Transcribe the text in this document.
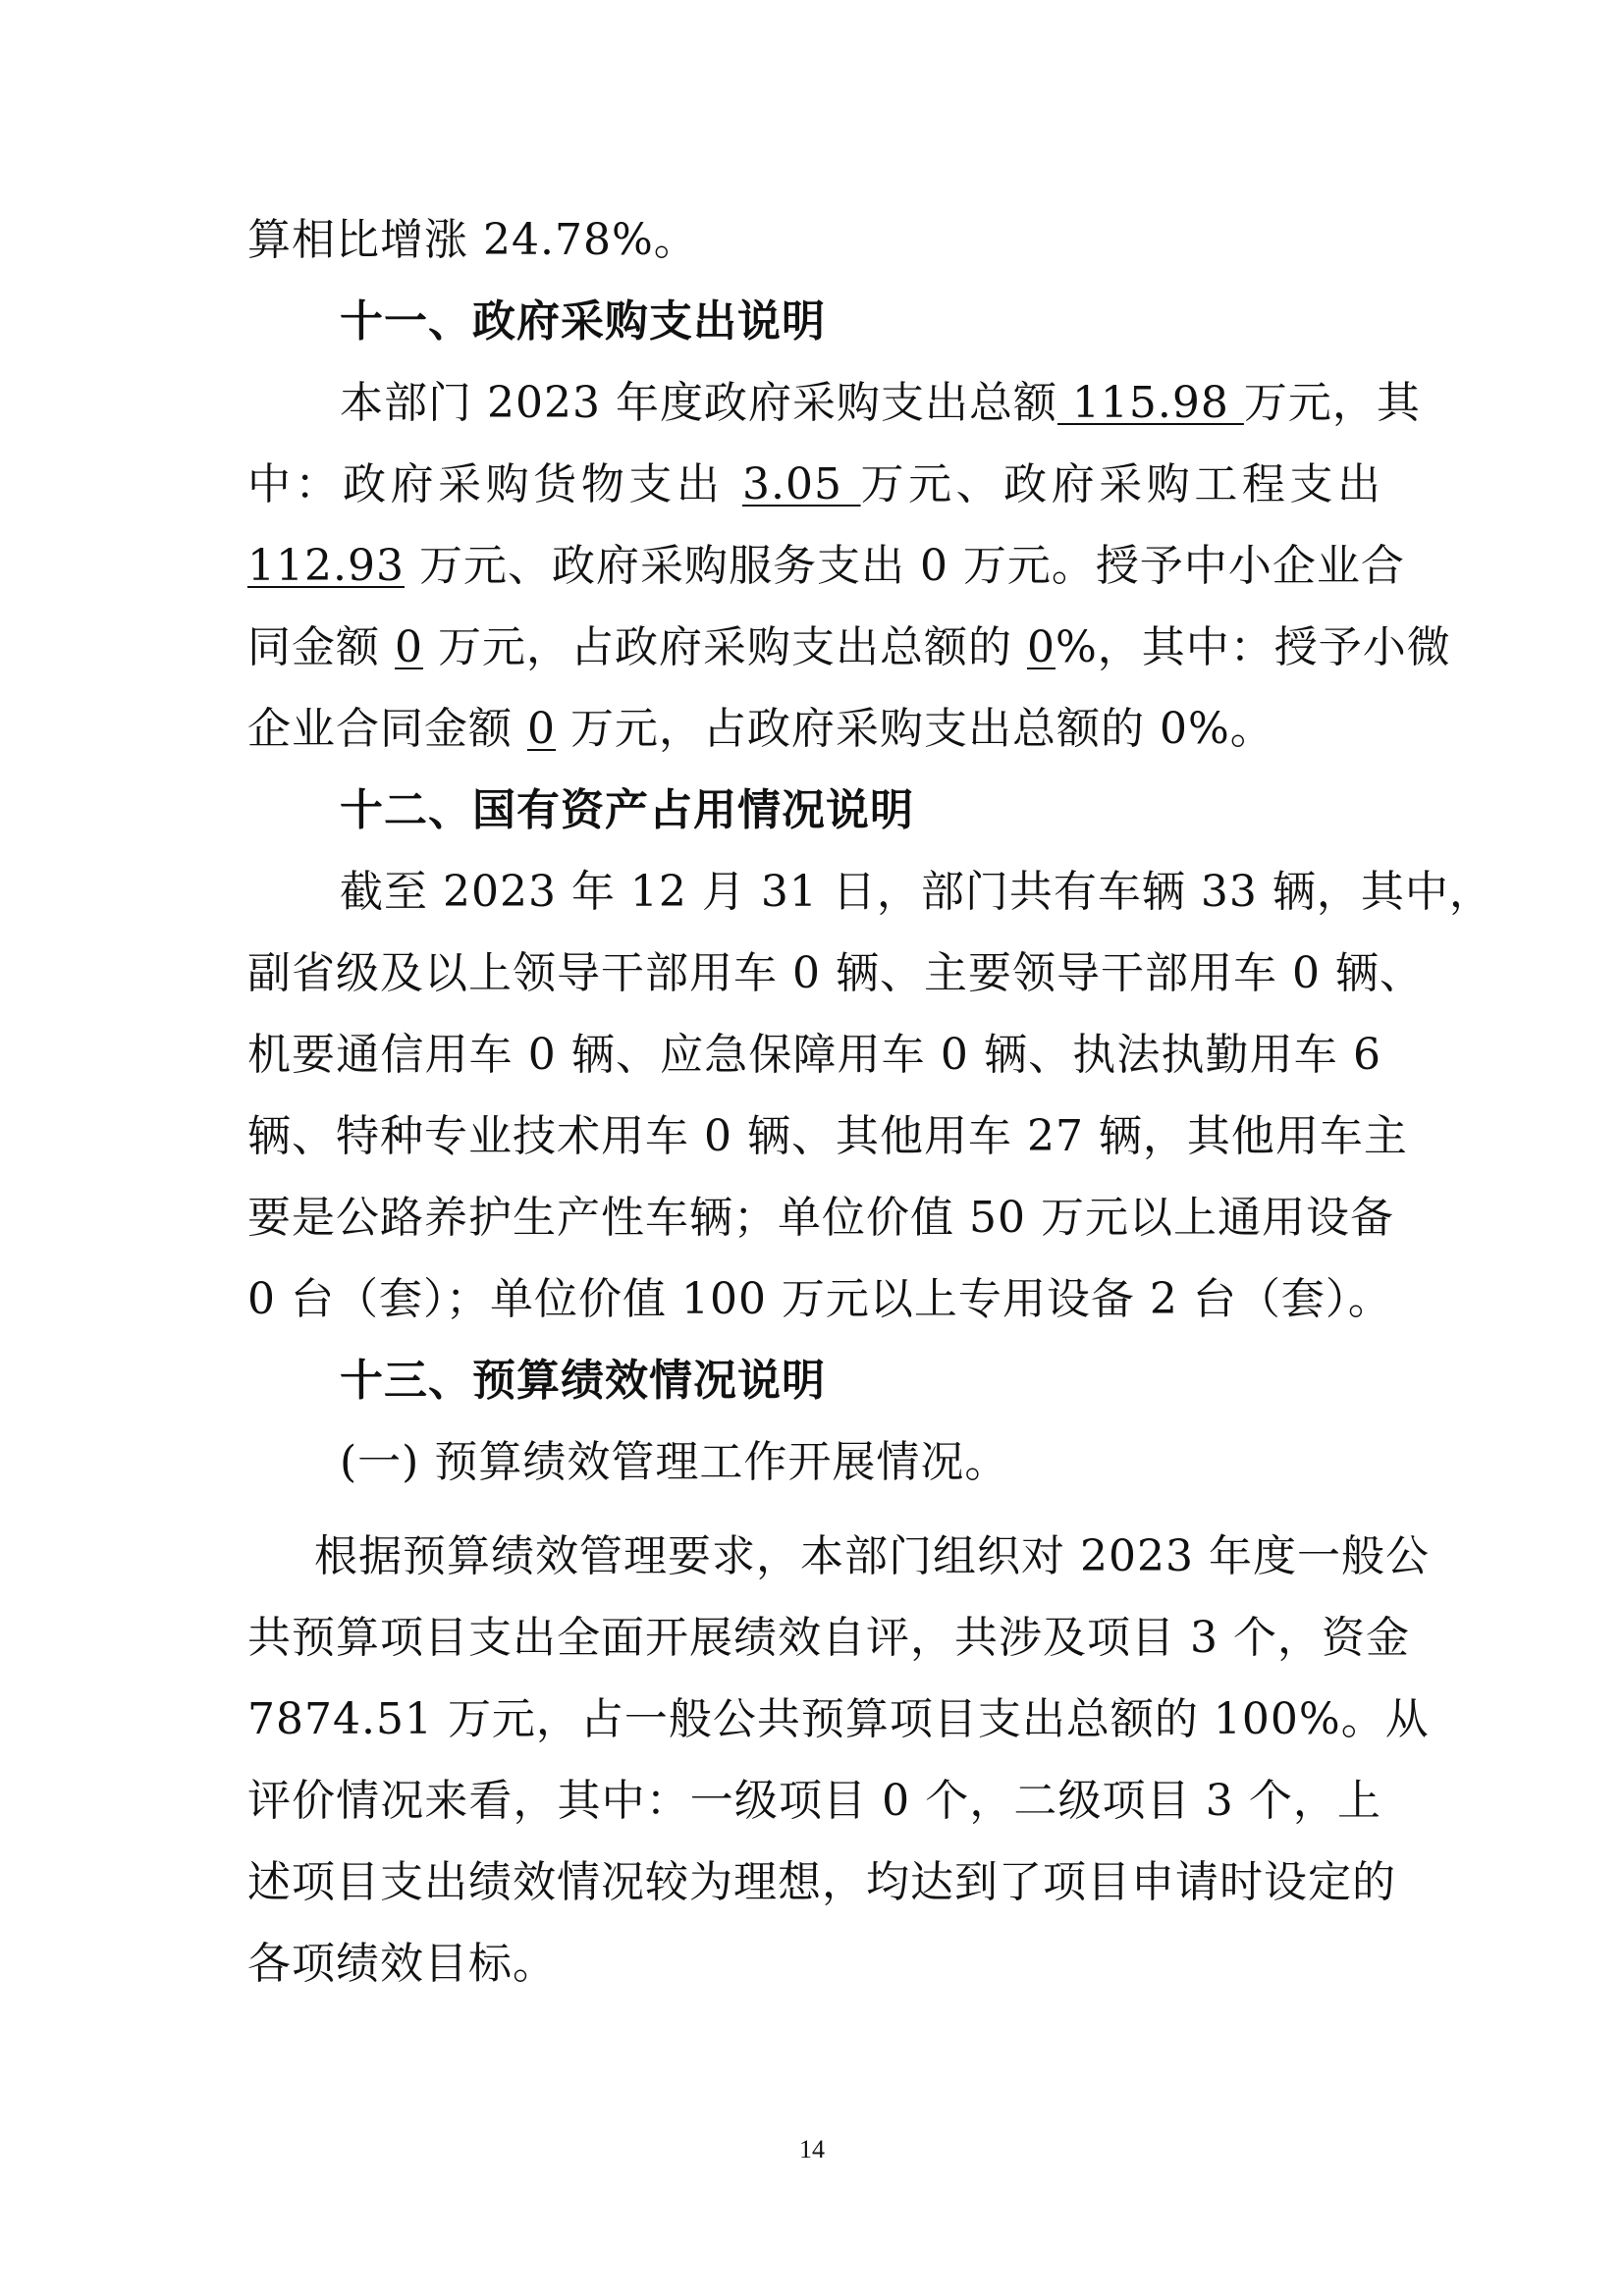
算相比增涨 24.78%。
十一、政府采购支出说明
本部门 2023 年度政府采购支出总额 115.98 万元，其
中：政府采购货物支出 3.05 万元、政府采购工程支出
112.93 万元、政府采购服务支出 0 万元。授予中小企业合
同金额 0 万元，占政府采购支出总额的 0%，其中：授予小微
企业合同金额 0 万元，占政府采购支出总额的 0%。
十二、国有资产占用情况说明
截至 2023 年 12 月 31 日，部门共有车辆 33 辆，其中，
副省级及以上领导干部用车 0 辆、主要领导干部用车 0 辆、
机要通信用车 0 辆、应急保障用车 0 辆、执法执勤用车 6
辆、特种专业技术用车 0 辆、其他用车 27 辆，其他用车主
要是公路养护生产性车辆；单位价值 50 万元以上通用设备
0 台（套）；单位价值 100 万元以上专用设备 2 台（套）。
十三、预算绩效情况说明
(一) 预算绩效管理工作开展情况。
根据预算绩效管理要求，本部门组织对 2023 年度一般公
共预算项目支出全面开展绩效自评，共涉及项目 3 个，资金
7874.51 万元，占一般公共预算项目支出总额的 100%。从
评价情况来看，其中：一级项目 0 个，二级项目 3 个，上
述项目支出绩效情况较为理想，均达到了项目申请时设定的
各项绩效目标。
14
